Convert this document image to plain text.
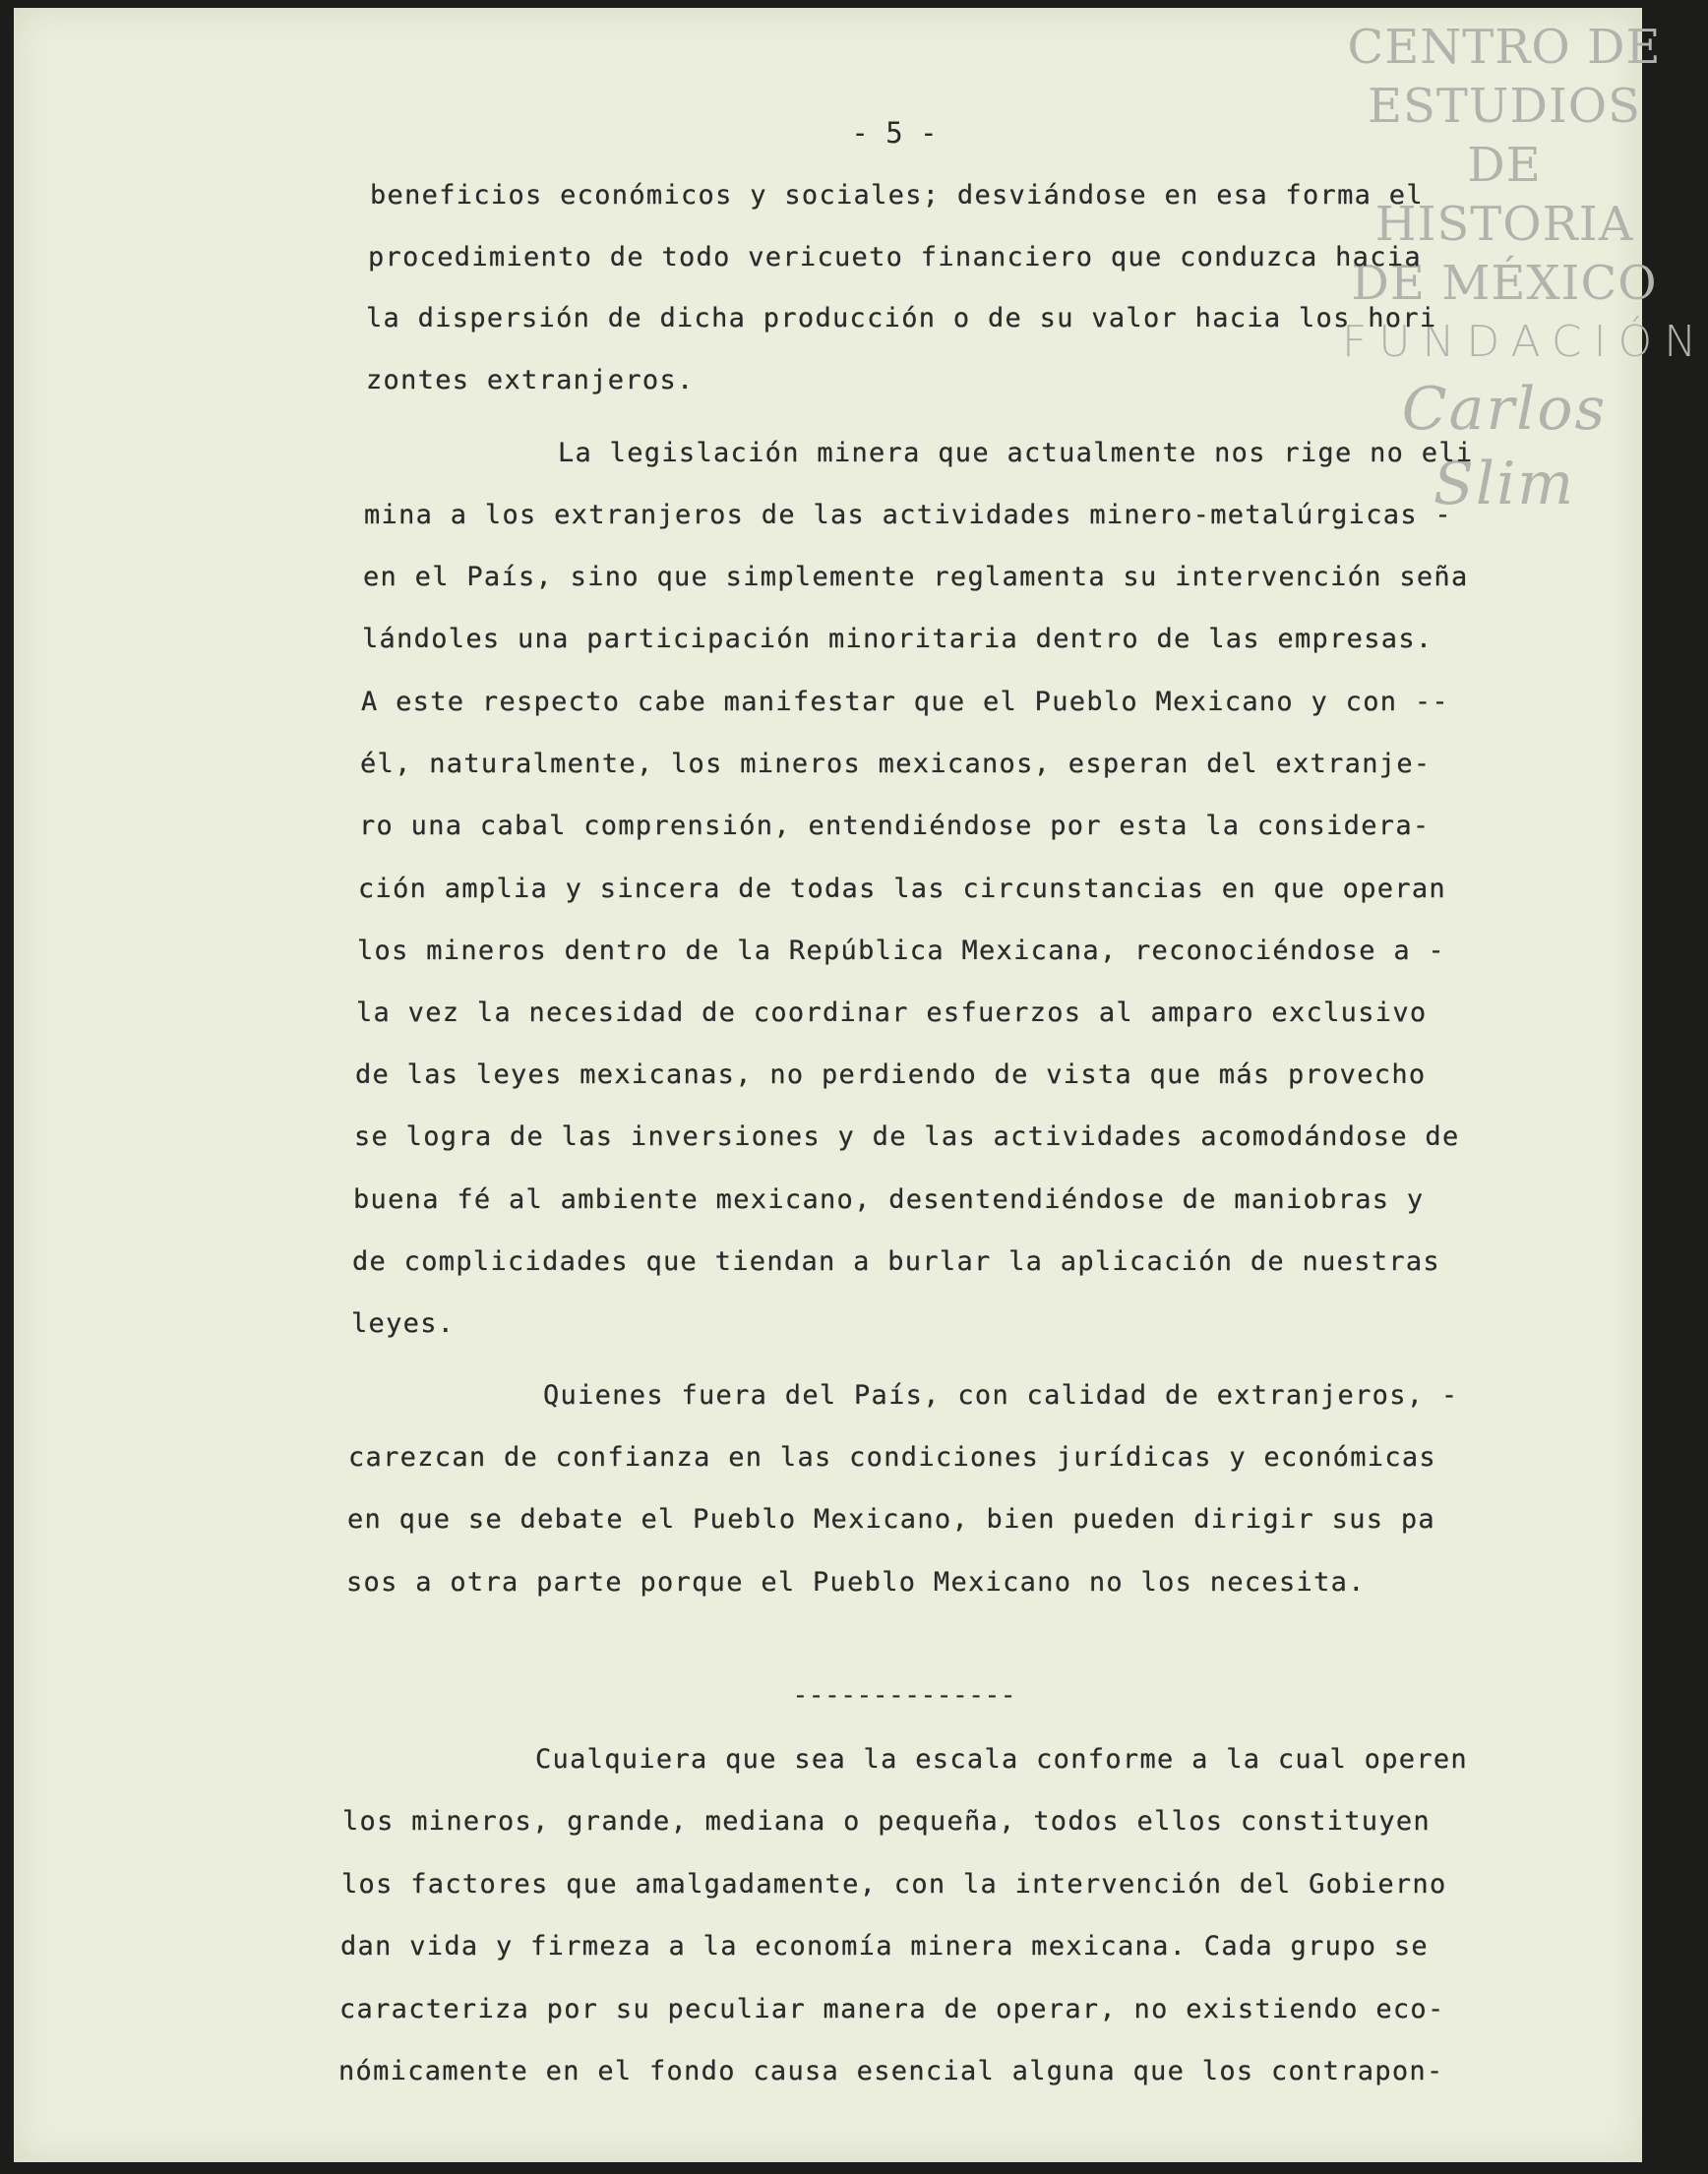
CENTRO DE
ESTUDIOS
DE HISTORIA
DE MÉXICO
FUNDACIÓN
Carlos Slim
- 5 -
beneficios económicos y sociales; desviándose en esa forma el
procedimiento de todo vericueto financiero que conduzca hacia
la dispersión de dicha producción o de su valor hacia los hori
zontes extranjeros.
La legislación minera que actualmente nos rige no eli
mina a los extranjeros de las actividades minero-metalúrgicas -
en el País, sino que simplemente reglamenta su intervención seña
lándoles una participación minoritaria dentro de las empresas.
A este respecto cabe manifestar que el Pueblo Mexicano y con --
él, naturalmente, los mineros mexicanos, esperan del extranje-
ro una cabal comprensión, entendiéndose por esta la considera-
ción amplia y sincera de todas las circunstancias en que operan
los mineros dentro de la República Mexicana, reconociéndose a -
la vez la necesidad de coordinar esfuerzos al amparo exclusivo
de las leyes mexicanas, no perdiendo de vista que más provecho
se logra de las inversiones y de las actividades acomodándose de
buena fé al ambiente mexicano, desentendiéndose de maniobras y
de complicidades que tiendan a burlar la aplicación de nuestras
leyes.
Quienes fuera del País, con calidad de extranjeros, -
carezcan de confianza en las condiciones jurídicas y económicas
en que se debate el Pueblo Mexicano, bien pueden dirigir sus pa
sos a otra parte porque el Pueblo Mexicano no los necesita.
--------------
Cualquiera que sea la escala conforme a la cual operen
los mineros, grande, mediana o pequeña, todos ellos constituyen
los factores que amalgadamente, con la intervención del Gobierno
dan vida y firmeza a la economía minera mexicana. Cada grupo se
caracteriza por su peculiar manera de operar, no existiendo eco-
nómicamente en el fondo causa esencial alguna que los contrapon-
